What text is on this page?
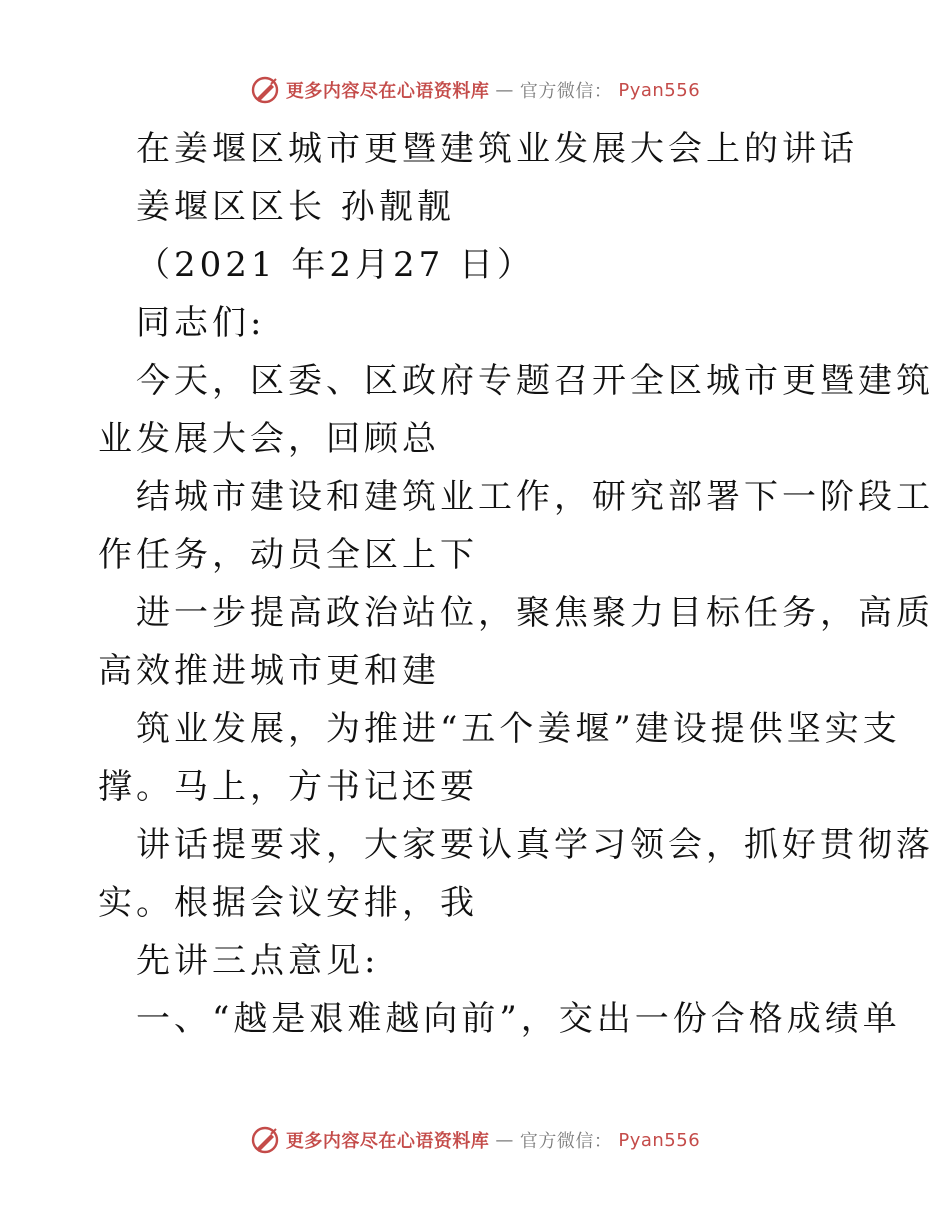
更多内容尽在心语资料库 — 官方微信： Pyan556
在姜堰区城市更暨建筑业发展大会上的讲话
姜堰区区长 孙靓靓
（2021 年2月27 日）
同志们:
今天，区委、区政府专题召开全区城市更暨建筑
业发展大会，回顾总
结城市建设和建筑业工作，研究部署下一阶段工
作任务，动员全区上下
进一步提高政治站位，聚焦聚力目标任务，高质
高效推进城市更和建
筑业发展，为推进“五个姜堰”建设提供坚实支
撑。马上，方书记还要
讲话提要求，大家要认真学习领会，抓好贯彻落
实。根据会议安排，我
先讲三点意见:
一、“越是艰难越向前”，交出一份合格成绩单
更多内容尽在心语资料库 — 官方微信： Pyan556
